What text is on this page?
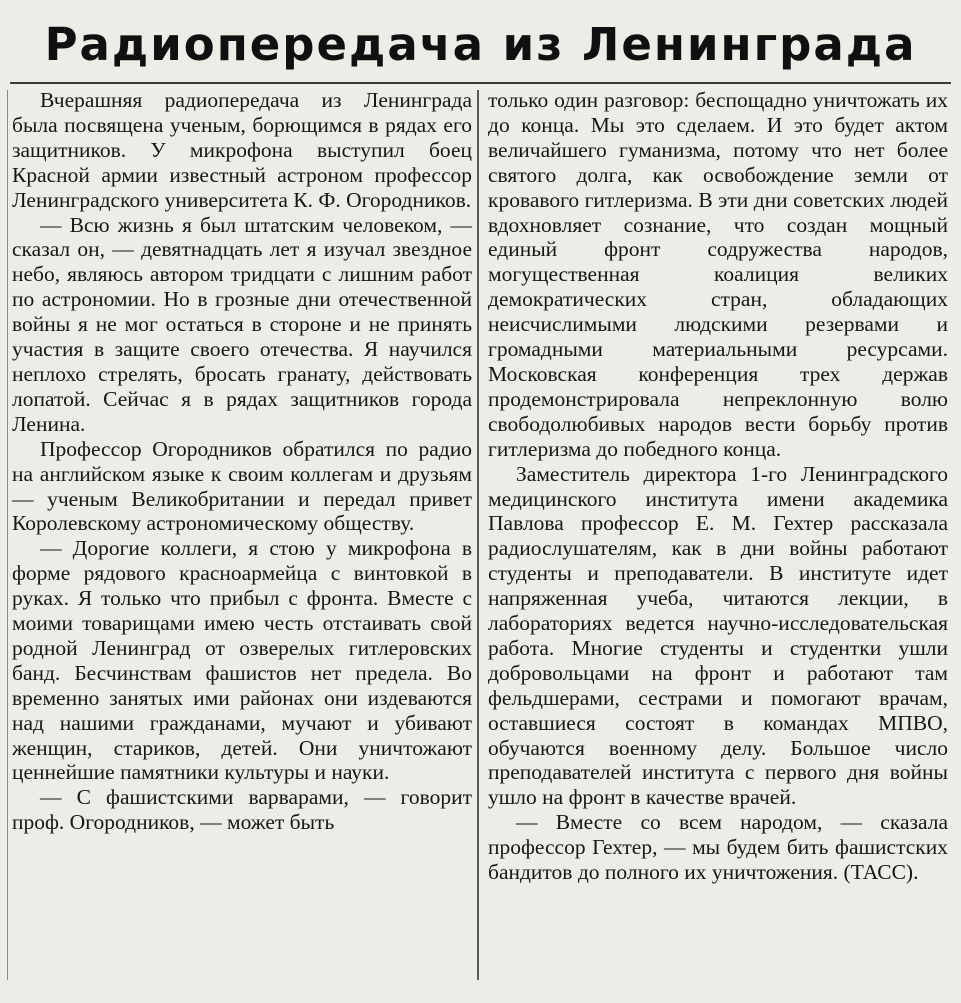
Радиопередача из Ленинграда

Вчерашняя радиопередача из Ленинграда была посвящена ученым, борющимся в рядах его защитников. У микрофона выступил боец Красной армии известный астроном профессор Ленинградского университета К. Ф. Огородников.

— Всю жизнь я был штатским человеком, — сказал он, — девятнадцать лет я изучал звездное небо, являюсь автором тридцати с лишним работ по астрономии. Но в грозные дни отечественной войны я не мог остаться в стороне и не принять участия в защите своего отечества. Я научился неплохо стрелять, бросать гранату, действовать лопатой. Сейчас я в рядах защитников города Ленина.

Профессор Огородников обратился по радио на английском языке к своим коллегам и друзьям — ученым Великобритании и передал привет Королевскому астрономическому обществу.

— Дорогие коллеги, я стою у микрофона в форме рядового красноармейца с винтовкой в руках. Я только что прибыл с фронта. Вместе с моими товарищами имею честь отстаивать свой родной Ленинград от озверелых гитлеровских банд. Бесчинствам фашистов нет предела. Во временно занятых ими районах они издеваются над нашими гражданами, мучают и убивают женщин, стариков, детей. Они уничтожают ценнейшие памятники культуры и науки.

— С фашистскими варварами, — говорит проф. Огородников, — может быть

только один разговор: беспощадно уничтожать их до конца. Мы это сделаем. И это будет актом величайшего гуманизма, потому что нет более святого долга, как освобождение земли от кровавого гитлеризма. В эти дни советских людей вдохновляет сознание, что создан мощный единый фронт содружества народов, могущественная коалиция великих демократических стран, обладающих неисчислимыми людскими резервами и громадными материальными ресурсами. Московская конференция трех держав продемонстрировала непреклонную волю свободолюбивых народов вести борьбу против гитлеризма до победного конца.

Заместитель директора 1-го Ленинградского медицинского института имени академика Павлова профессор Е. М. Гехтер рассказала радиослушателям, как в дни войны работают студенты и преподаватели. В институте идет напряженная учеба, читаются лекции, в лабораториях ведется научно-исследовательская работа. Многие студенты и студентки ушли добровольцами на фронт и работают там фельдшерами, сестрами и помогают врачам, оставшиеся состоят в командах МПВО, обучаются военному делу. Большое число преподавателей института с первого дня войны ушло на фронт в качестве врачей.

— Вместе со всем народом, — сказала профессор Гехтер, — мы будем бить фашистских бандитов до полного их уничтожения. (ТАСС).
